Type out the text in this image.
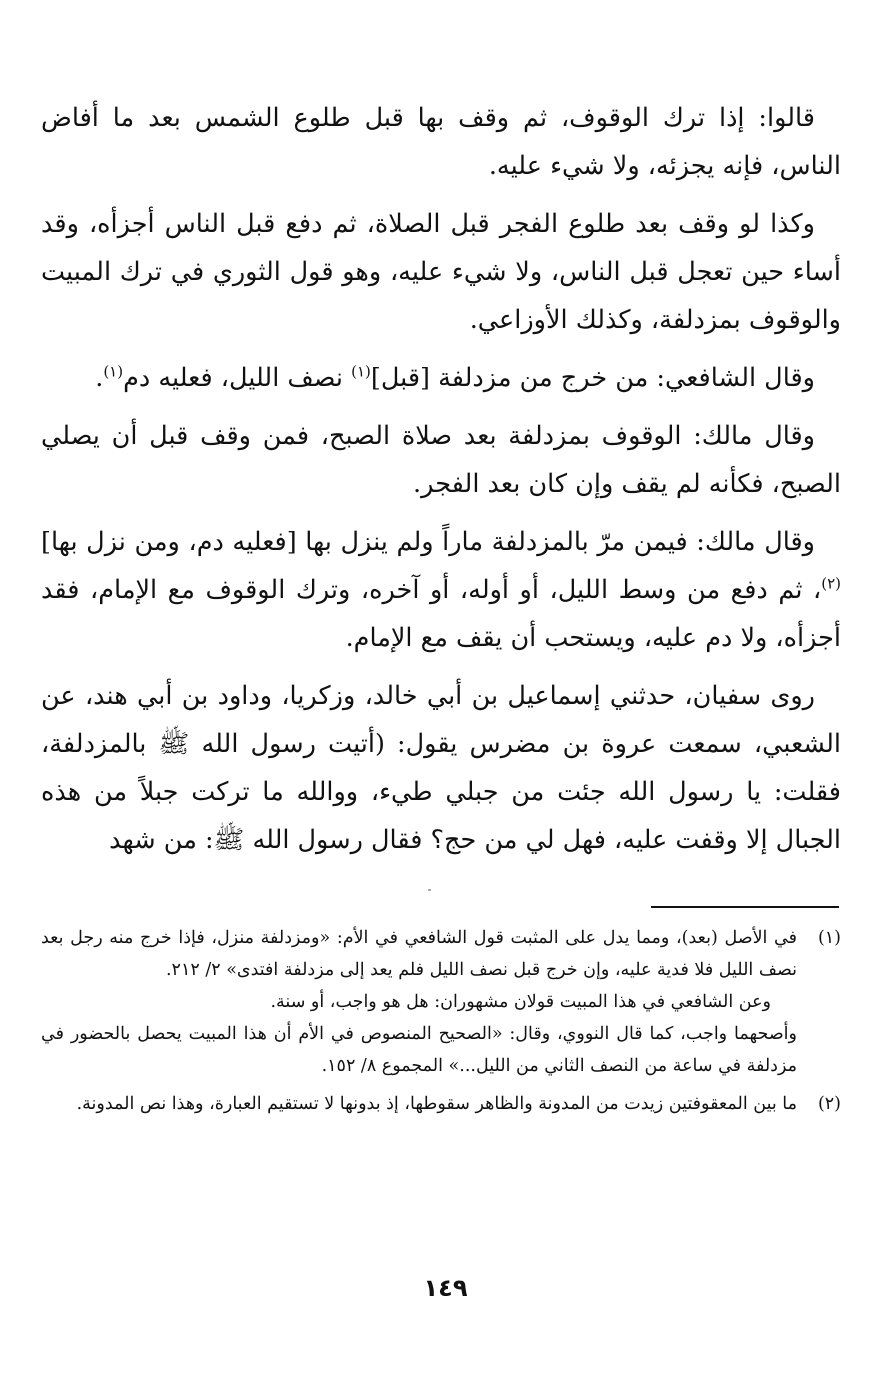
قالوا: إذا ترك الوقوف، ثم وقف بها قبل طلوع الشمس بعد ما أفاض الناس، فإنه يجزئه، ولا شيء عليه.

وكذا لو وقف بعد طلوع الفجر قبل الصلاة، ثم دفع قبل الناس أجزأه، وقد أساء حين تعجل قبل الناس، ولا شيء عليه، وهو قول الثوري في ترك المبيت والوقوف بمزدلفة، وكذلك الأوزاعي.

وقال الشافعي: من خرج من مزدلفة [قبل]$^{(١)}$ نصف الليل، فعليه دم$^{(١)}$.

وقال مالك: الوقوف بمزدلفة بعد صلاة الصبح، فمن وقف قبل أن يصلي الصبح، فكأنه لم يقف وإن كان بعد الفجر.

وقال مالك: فيمن مرّ بالمزدلفة ماراً ولم ينزل بها [فعليه دم، ومن نزل بها]$^{(٢)}$، ثم دفع من وسط الليل، أو أوله، أو آخره، وترك الوقوف مع الإمام، فقد أجزأه، ولا دم عليه، ويستحب أن يقف مع الإمام.

روى سفيان، حدثني إسماعيل بن أبي خالد، وزكريا، وداود بن أبي هند، عن الشعبي، سمعت عروة بن مضرس يقول: (أتيت رسول الله ﷺ بالمزدلفة، فقلت: يا رسول الله جئت من جبلي طيء، ووالله ما تركت جبلاً من هذه الجبال إلا وقفت عليه، فهل لي من حج؟ فقال رسول الله ﷺ: من شهد

(١)

في الأصل (بعد)، ومما يدل على المثبت قول الشافعي في الأم: «ومزدلفة منزل، فإذا خرج منه رجل بعد نصف الليل فلا فدية عليه، وإن خرج قبل نصف الليل فلم يعد إلى مزدلفة افتدى» ٢/ ٢١٢.

وعن الشافعي في هذا المبيت قولان مشهوران: هل هو واجب، أو سنة.

وأصحهما واجب، كما قال النووي، وقال: «الصحيح المنصوص في الأم أن هذا المبيت يحصل بالحضور في مزدلفة في ساعة من النصف الثاني من الليل...» المجموع ٨/ ١٥٢.

(٢)

ما بين المعقوفتين زيدت من المدونة والظاهر سقوطها، إذ بدونها لا تستقيم العبارة، وهذا نص المدونة.

١٤٩
